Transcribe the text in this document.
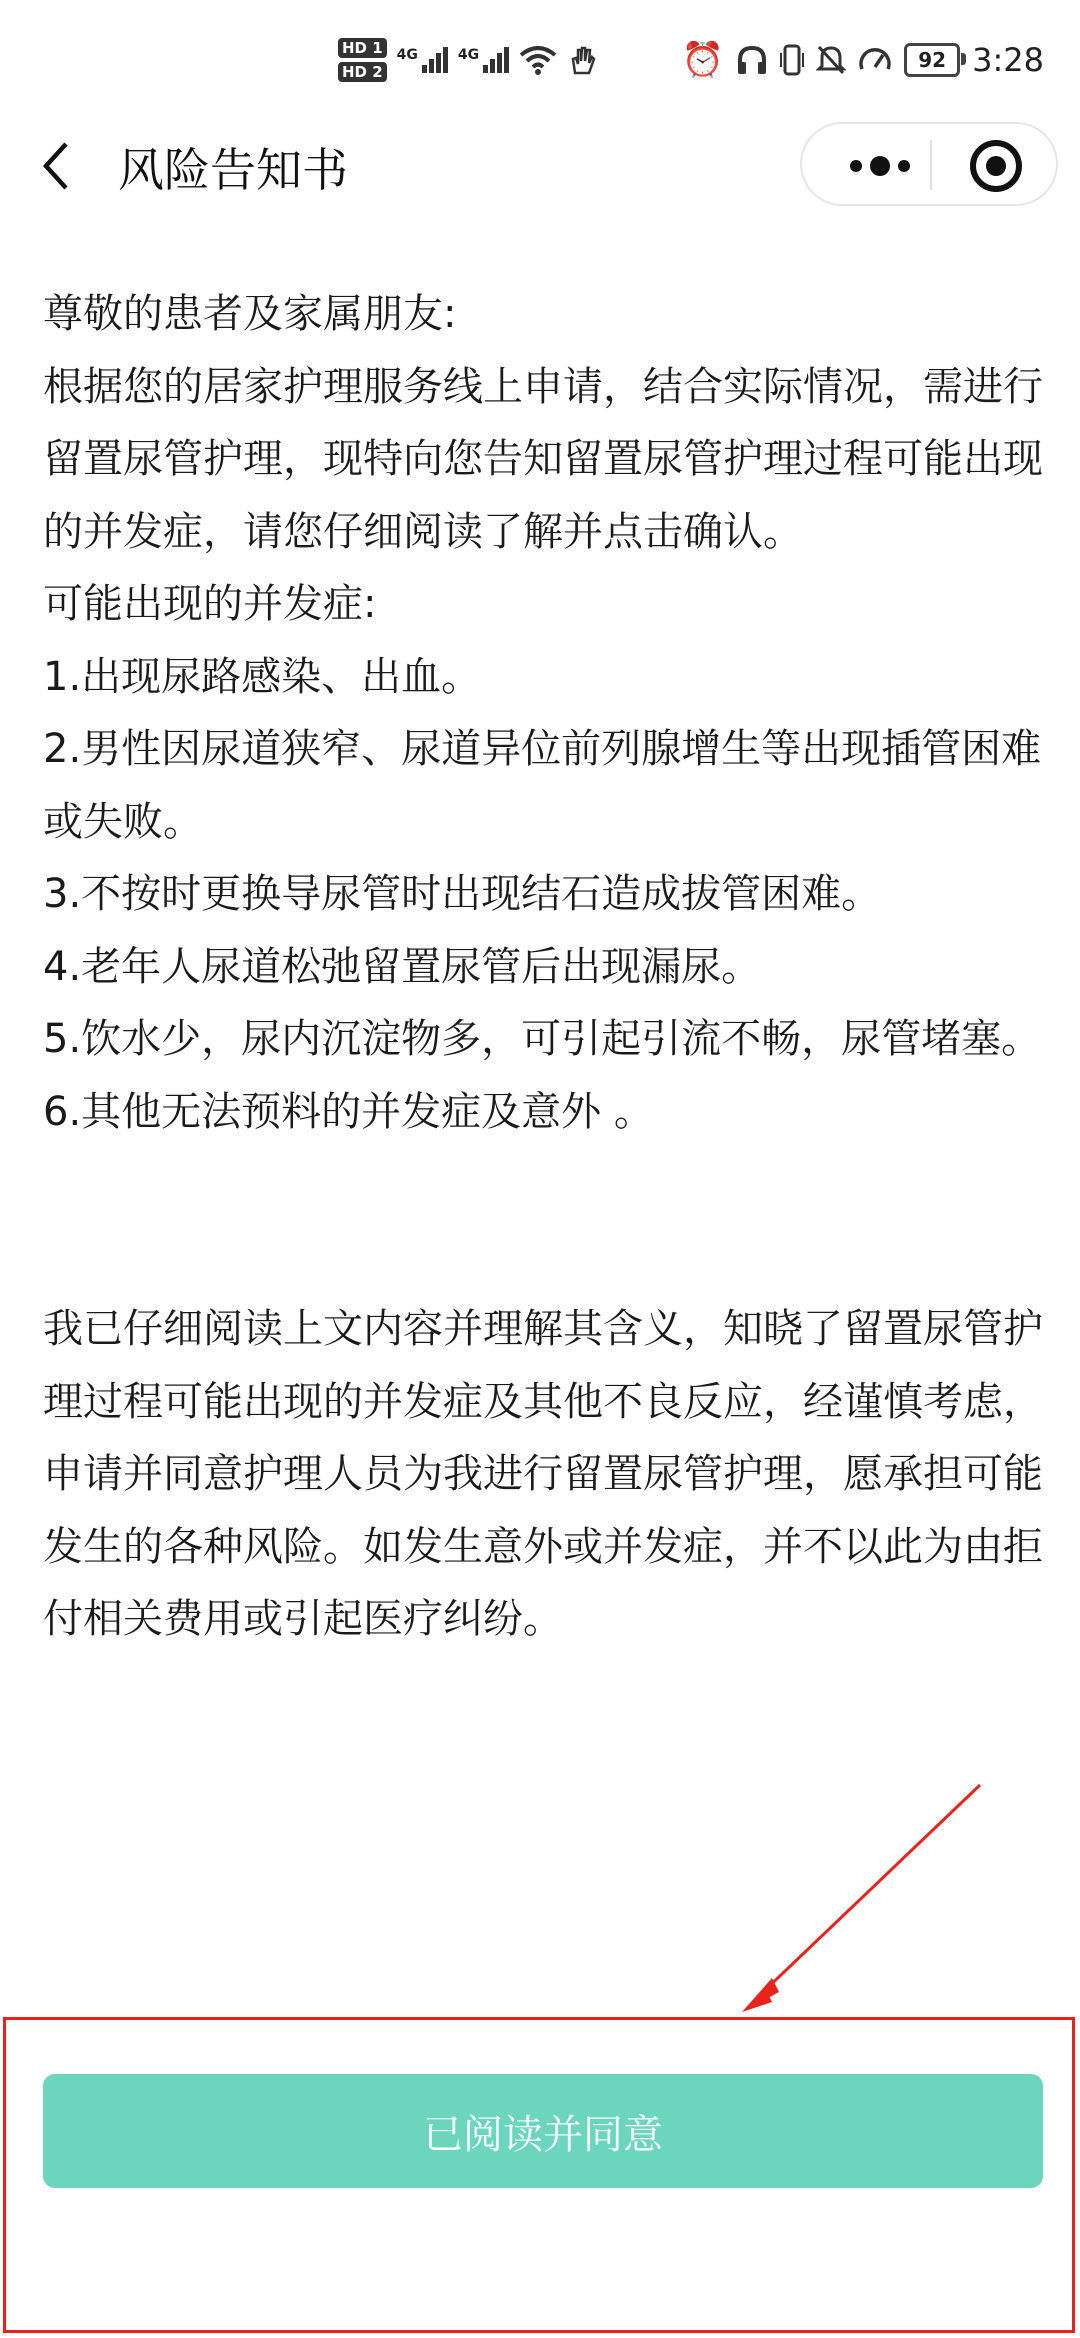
HD 1
HD 2
4G	4G	⏰	92 3:28
风险告知书

尊敬的患者及家属朋友:

根据您的居家护理服务线上申请，结合实际情况，需进行留置尿管护理，现特向您告知留置尿管护理过程可能出现的并发症，请您仔细阅读了解并点击确认。

可能出现的并发症:

1.出现尿路感染、出血。

2.男性因尿道狭窄、尿道异位前列腺增生等出现插管困难或失败。

3.不按时更换导尿管时出现结石造成拔管困难。

4.老年人尿道松弛留置尿管后出现漏尿。

5.饮水少，尿内沉淀物多，可引起引流不畅，尿管堵塞。

6.其他无法预料的并发症及意外 。

我已仔细阅读上文内容并理解其含义，知晓了留置尿管护理过程可能出现的并发症及其他不良反应，经谨慎考虑，申请并同意护理人员为我进行留置尿管护理，愿承担可能发生的各种风险。如发生意外或并发症，并不以此为由拒付相关费用或引起医疗纠纷。

已阅读并同意
